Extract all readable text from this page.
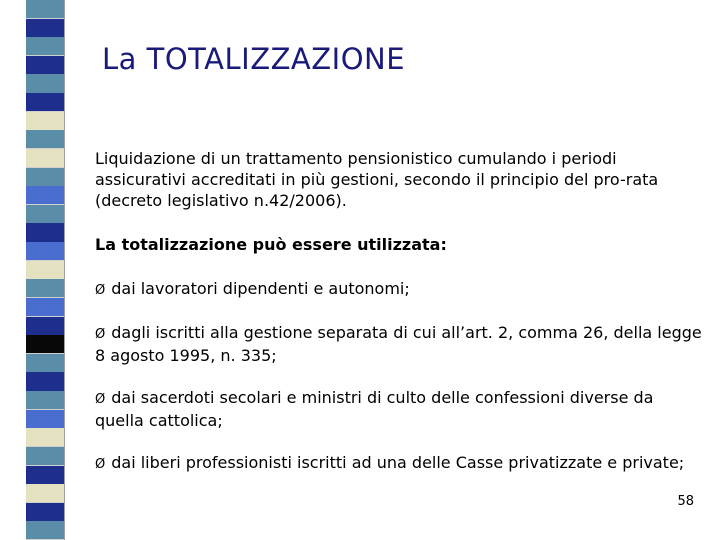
La TOTALIZZAZIONE

Liquidazione di un trattamento pensionistico cumulando i periodi assicurativi accreditati in più gestioni, secondo il principio del pro-rata (decreto legislativo n.42/2006).

La totalizzazione può essere utilizzata:

Ø dai lavoratori dipendenti e autonomi;

Ø dagli iscritti alla gestione separata di cui all’art. 2, comma 26, della legge 8 agosto 1995, n. 335;

Ø dai sacerdoti secolari e ministri di culto delle confessioni diverse da quella cattolica;

Ø dai liberi professionisti iscritti ad una delle Casse privatizzate e private;

58
